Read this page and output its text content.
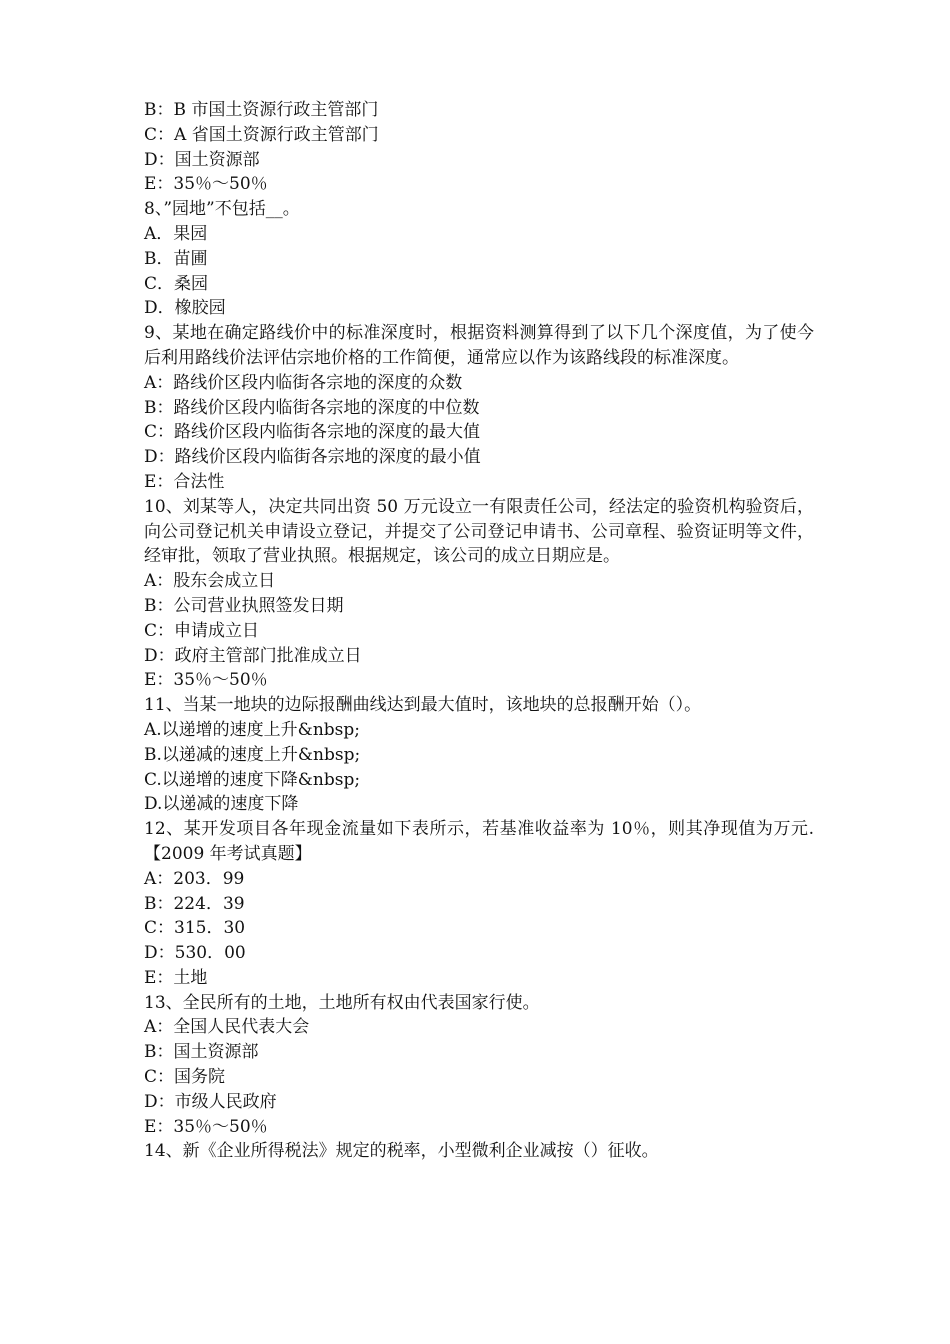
B：B 市国土资源行政主管部门
C：A 省国土资源行政主管部门
D：国土资源部
E：35％～50％
8、”园地”不包括__。
A．果园
B．苗圃
C．桑园
D．橡胶园
9、某地在确定路线价中的标准深度时，根据资料测算得到了以下几个深度值，为了使今后利用路线价法评估宗地价格的工作简便，通常应以作为该路线段的标准深度。
A：路线价区段内临街各宗地的深度的众数
B：路线价区段内临街各宗地的深度的中位数
C：路线价区段内临街各宗地的深度的最大值
D：路线价区段内临街各宗地的深度的最小值
E：合法性
10、刘某等人，决定共同出资 50 万元设立一有限责任公司，经法定的验资机构验资后，向公司登记机关申请设立登记，并提交了公司登记申请书、公司章程、验资证明等文件，经审批，领取了营业执照。根据规定，该公司的成立日期应是。
A：股东会成立日
B：公司营业执照签发日期
C：申请成立日
D：政府主管部门批准成立日
E：35％～50％
11、当某一地块的边际报酬曲线达到最大值时，该地块的总报酬开始（）。
A.以递增的速度上升&nbsp;
B.以递减的速度上升&nbsp;
C.以递增的速度下降&nbsp;
D.以递减的速度下降
12、某开发项目各年现金流量如下表所示，若基准收益率为 10％，则其净现值为万元.【2009 年考试真题】
A：203．99
B：224．39
C：315．30
D：530．00
E：土地
13、全民所有的土地，土地所有权由代表国家行使。
A：全国人民代表大会
B：国土资源部
C：国务院
D：市级人民政府
E：35％～50％
14、新《企业所得税法》规定的税率，小型微利企业减按（）征收。
